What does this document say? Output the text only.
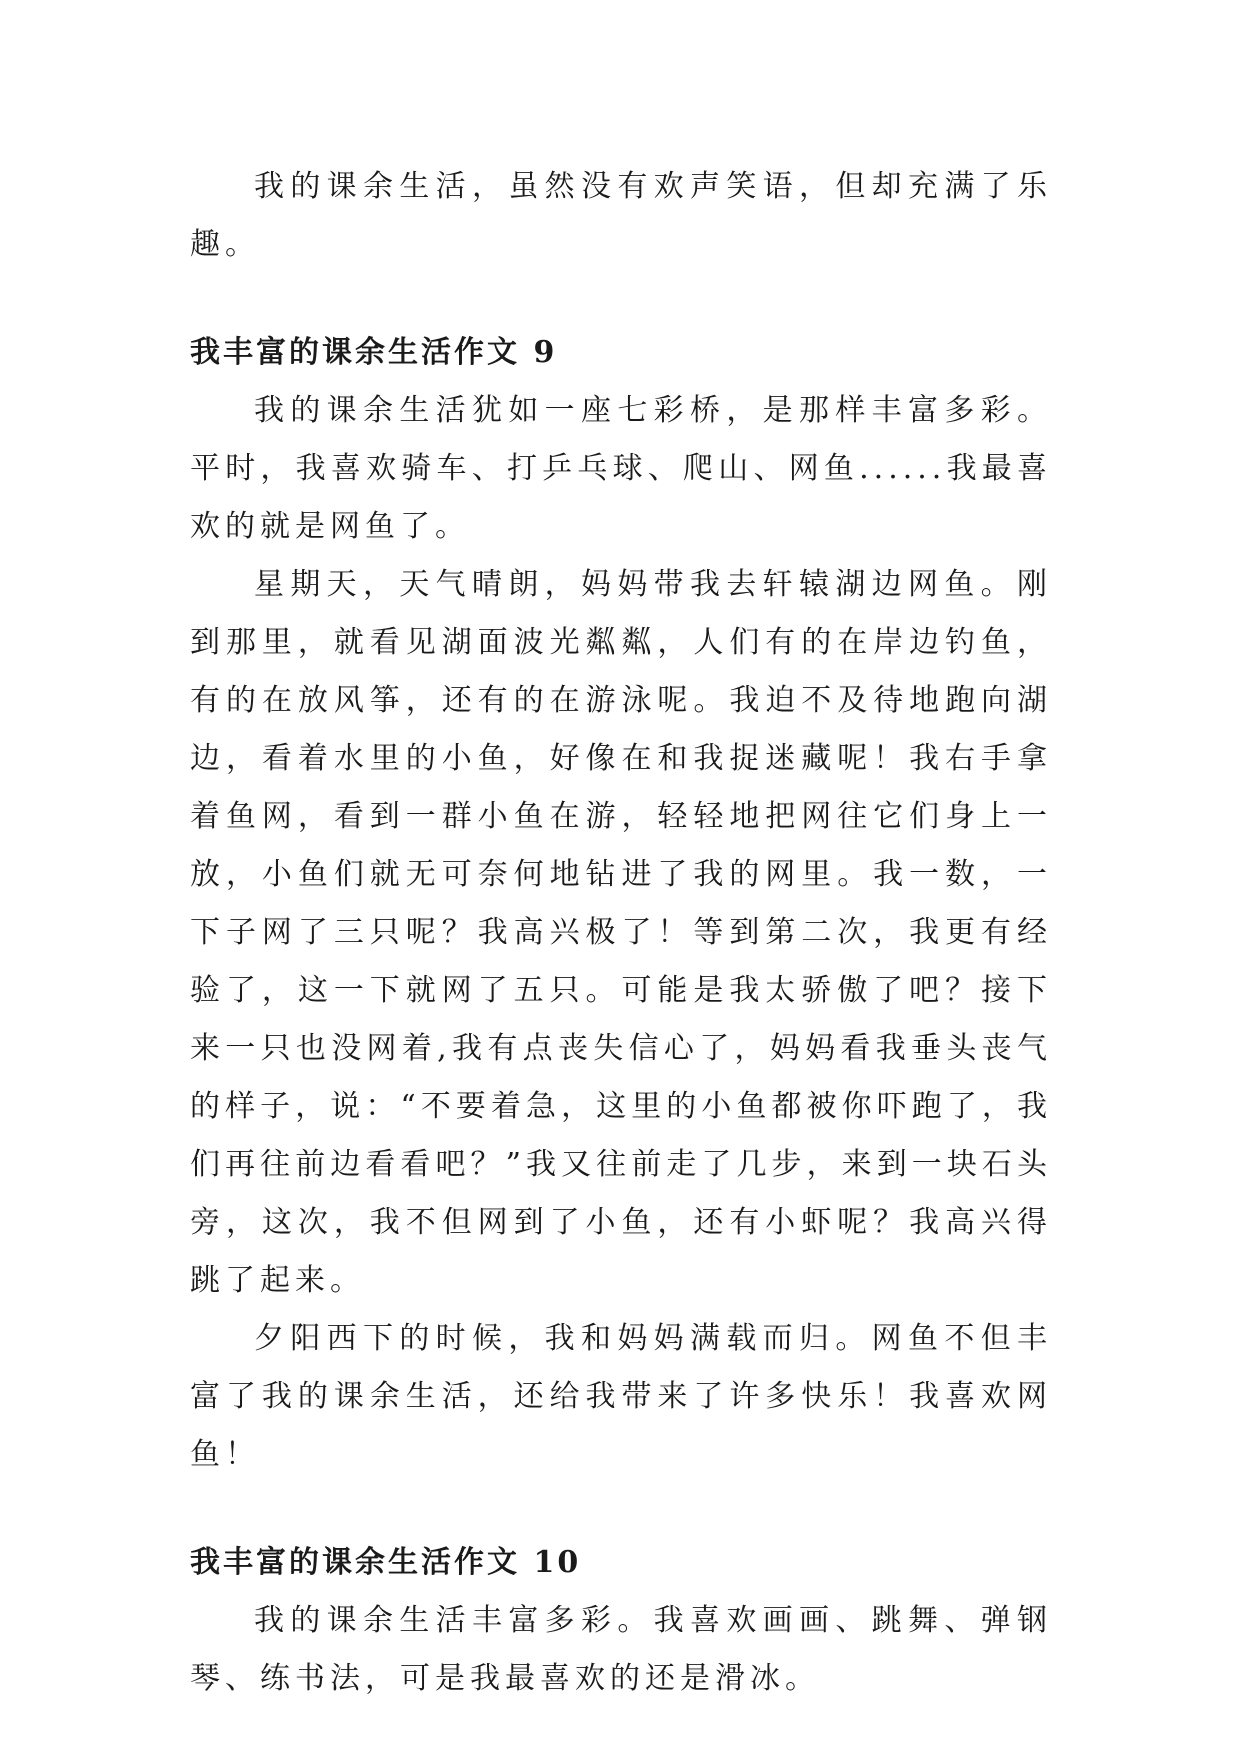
我的课余生活，虽然没有欢声笑语，但却充满了乐趣。

我丰富的课余生活作文 9

我的课余生活犹如一座七彩桥，是那样丰富多彩。平时，我喜欢骑车、打乒乓球、爬山、网鱼......我最喜欢的就是网鱼了。

星期天，天气晴朗，妈妈带我去轩辕湖边网鱼。刚到那里，就看见湖面波光粼粼，人们有的在岸边钓鱼，有的在放风筝，还有的在游泳呢。我迫不及待地跑向湖边，看着水里的小鱼，好像在和我捉迷藏呢！我右手拿着鱼网，看到一群小鱼在游，轻轻地把网往它们身上一放，小鱼们就无可奈何地钻进了我的网里。我一数，一下子网了三只呢？我高兴极了！等到第二次，我更有经验了，这一下就网了五只。可能是我太骄傲了吧？接下来一只也没网着,我有点丧失信心了，妈妈看我垂头丧气的样子，说：“不要着急，这里的小鱼都被你吓跑了，我们再往前边看看吧？”我又往前走了几步，来到一块石头旁，这次，我不但网到了小鱼，还有小虾呢？我高兴得跳了起来。

夕阳西下的时候，我和妈妈满载而归。网鱼不但丰富了我的课余生活，还给我带来了许多快乐！我喜欢网鱼！

我丰富的课余生活作文 10

我的课余生活丰富多彩。我喜欢画画、跳舞、弹钢琴、练书法，可是我最喜欢的还是滑冰。
